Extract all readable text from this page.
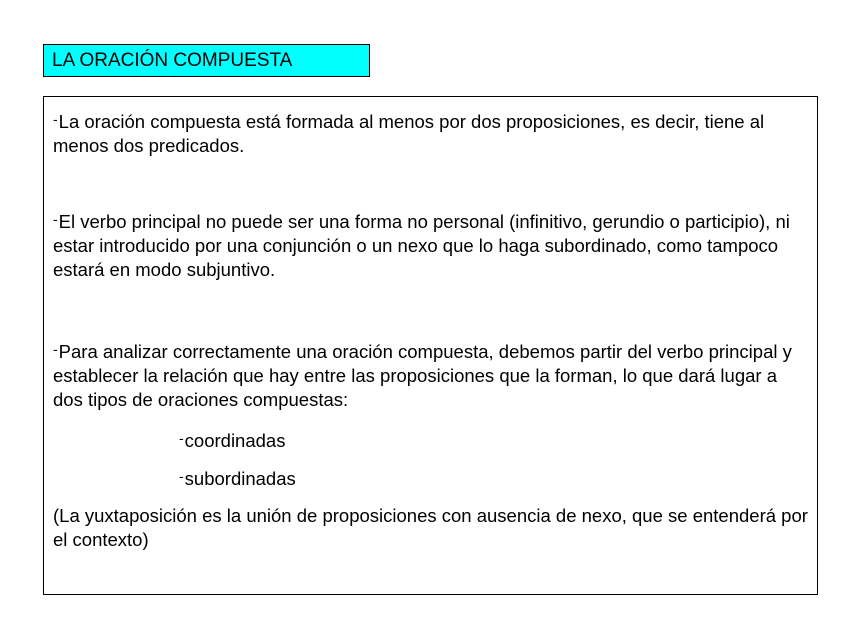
LA ORACIÓN COMPUESTA
-La oración compuesta está formada al menos por dos proposiciones, es decir, tiene al menos dos predicados.
-El verbo principal no puede ser una forma no personal (infinitivo, gerundio o participio), ni estar introducido por una conjunción o un nexo que lo haga subordinado, como tampoco estará en modo subjuntivo.
-Para analizar correctamente una oración compuesta, debemos partir del verbo principal y establecer la relación que hay entre las proposiciones que la forman, lo que dará lugar a dos tipos de oraciones compuestas:
-coordinadas
-subordinadas
(La yuxtaposición es la unión de proposiciones con ausencia de nexo, que se entenderá por el contexto)
